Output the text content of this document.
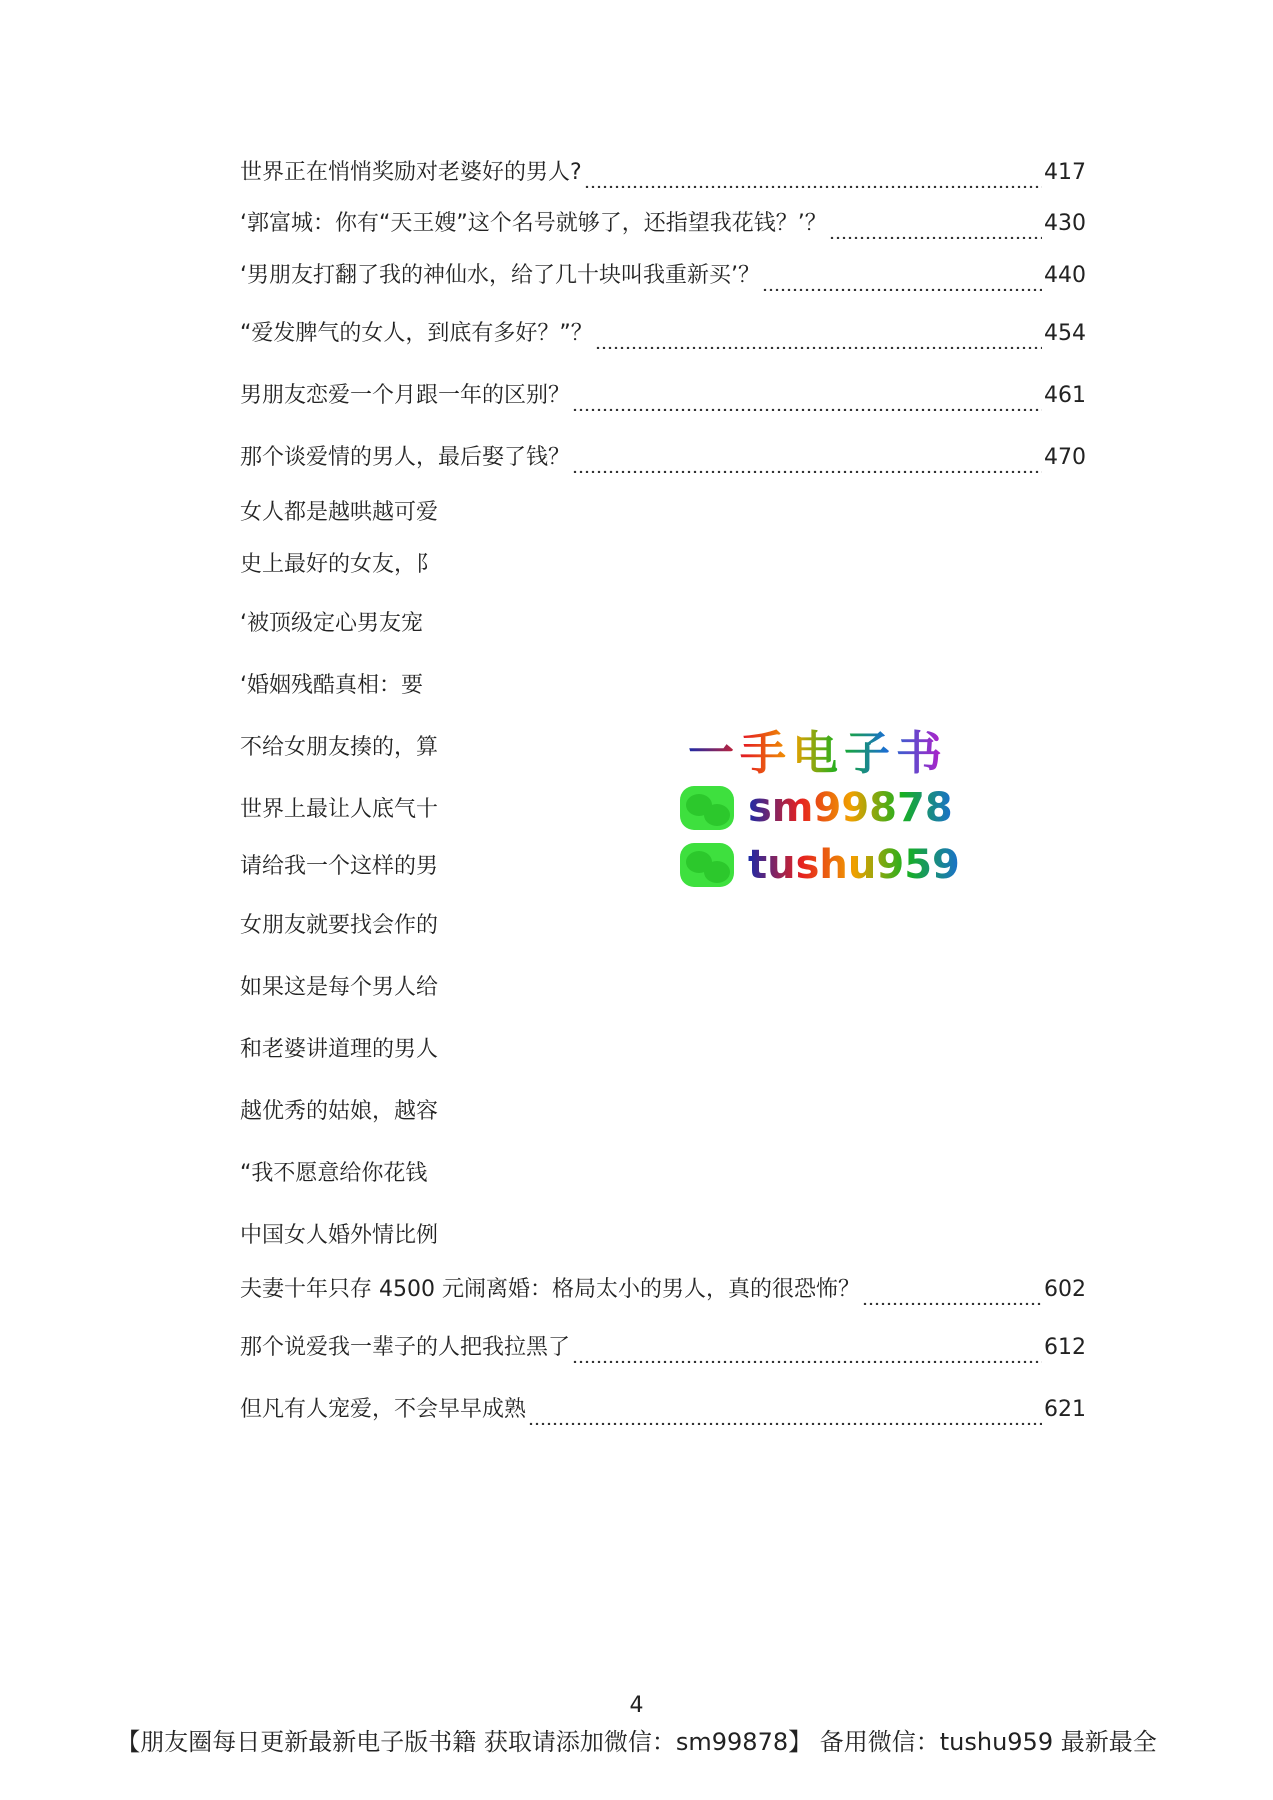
世界正在悄悄奖励对老婆好的男人?	417
‘郭富城：你有“天王嫂”这个名号就够了，还指望我花钱？’？	430
‘男朋友打翻了我的神仙水，给了几十块叫我重新买’？	440
“爱发脾气的女人，到底有多好？”？	454
男朋友恋爱一个月跟一年的区别？	461
那个谈爱情的男人，最后娶了钱？	470
女人都是越哄越可爱
史上最好的女友，阝
‘被顶级定心男友宠
‘婚姻残酷真相：要
不给女朋友揍的，算
世界上最让人底气十
请给我一个这样的男
女朋友就要找会作的
如果这是每个男人给
和老婆讲道理的男人
越优秀的姑娘，越容
“我不愿意给你花钱
中国女人婚外情比例
夫妻十年只存 4500 元闹离婚：格局太小的男人，真的很恐怖？	602
那个说爱我一辈子的人把我拉黑了	612
但凡有人宠爱，不会早早成熟	621
一手电子书
sm99878
tushu959
4
【朋友圈每日更新最新电子版书籍 获取请添加微信：sm99878】 备用微信：tushu959 最新最全
